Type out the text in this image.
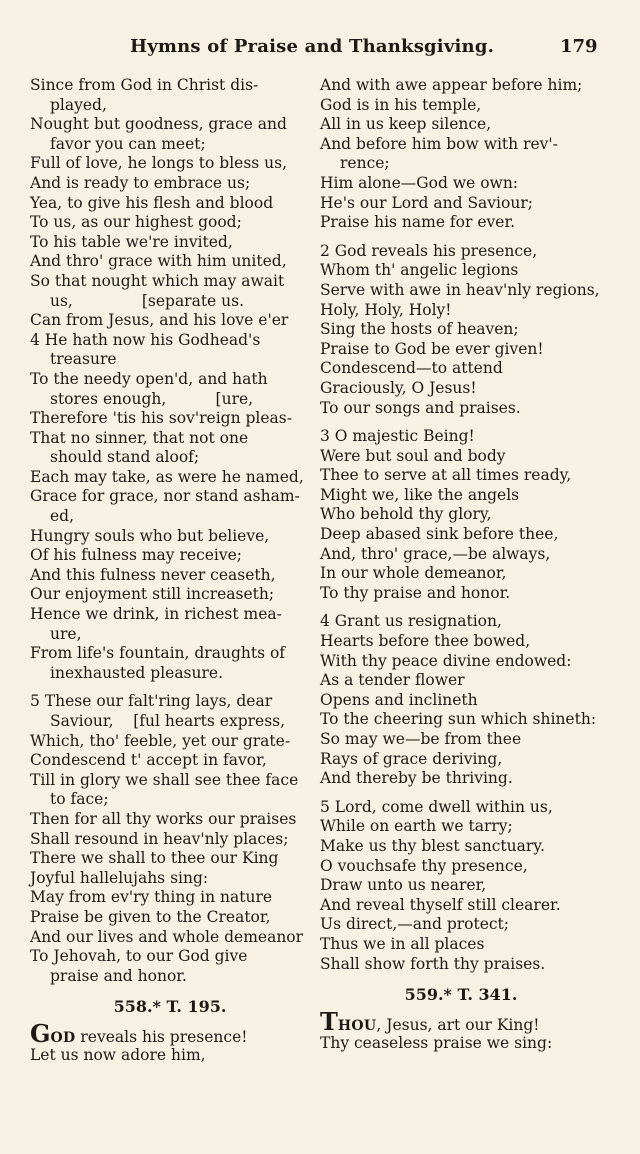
Hymns of Praise and Thanksgiving.	179
Since from God in Christ dis-
played,
Nought but goodness, grace and
favor you can meet;
Full of love, he longs to bless us,
And is ready to embrace us;
Yea, to give his flesh and blood
To us, as our highest good;
To his table we're invited,
And thro' grace with him united,
So that nought which may await
us,              [separate us.
Can from Jesus, and his love e'er
4 He hath now his Godhead's
treasure
To the needy open'd, and hath
stores enough,          [ure,
Therefore 'tis his sov'reign pleas-
That no sinner, that not one
should stand aloof;
Each may take, as were he named,
Grace for grace, nor stand asham-
ed,
Hungry souls who but believe,
Of his fulness may receive;
And this fulness never ceaseth,
Our enjoyment still increaseth;
Hence we drink, in richest mea-
ure,
From life's fountain, draughts of
inexhausted pleasure.
5 These our falt'ring lays, dear
Saviour,    [ful hearts express,
Which, tho' feeble, yet our grate-
Condescend t' accept in favor,
Till in glory we shall see thee face
to face;
Then for all thy works our praises
Shall resound in heav'nly places;
There we shall to thee our King
Joyful hallelujahs sing:
May from ev'ry thing in nature
Praise be given to the Creator,
And our lives and whole demeanor
To Jehovah, to our God give
praise and honor.
558.* T. 195.
GOD reveals his presence!
Let us now adore him,
And with awe appear before him;
God is in his temple,
All in us keep silence,
And before him bow with rev'-
rence;
Him alone—God we own:
He's our Lord and Saviour;
Praise his name for ever.
2 God reveals his presence,
Whom th' angelic legions
Serve with awe in heav'nly regions,
Holy, Holy, Holy!
Sing the hosts of heaven;
Praise to God be ever given!
Condescend—to attend
Graciously, O Jesus!
To our songs and praises.
3 O majestic Being!
Were but soul and body
Thee to serve at all times ready,
Might we, like the angels
Who behold thy glory,
Deep abased sink before thee,
And, thro' grace,—be always,
In our whole demeanor,
To thy praise and honor.
4 Grant us resignation,
Hearts before thee bowed,
With thy peace divine endowed:
As a tender flower
Opens and inclineth
To the cheering sun which shineth:
So may we—be from thee
Rays of grace deriving,
And thereby be thriving.
5 Lord, come dwell within us,
While on earth we tarry;
Make us thy blest sanctuary.
O vouchsafe thy presence,
Draw unto us nearer,
And reveal thyself still clearer.
Us direct,—and protect;
Thus we in all places
Shall show forth thy praises.
559.* T. 341.
THOU, Jesus, art our King!
Thy ceaseless praise we sing:
